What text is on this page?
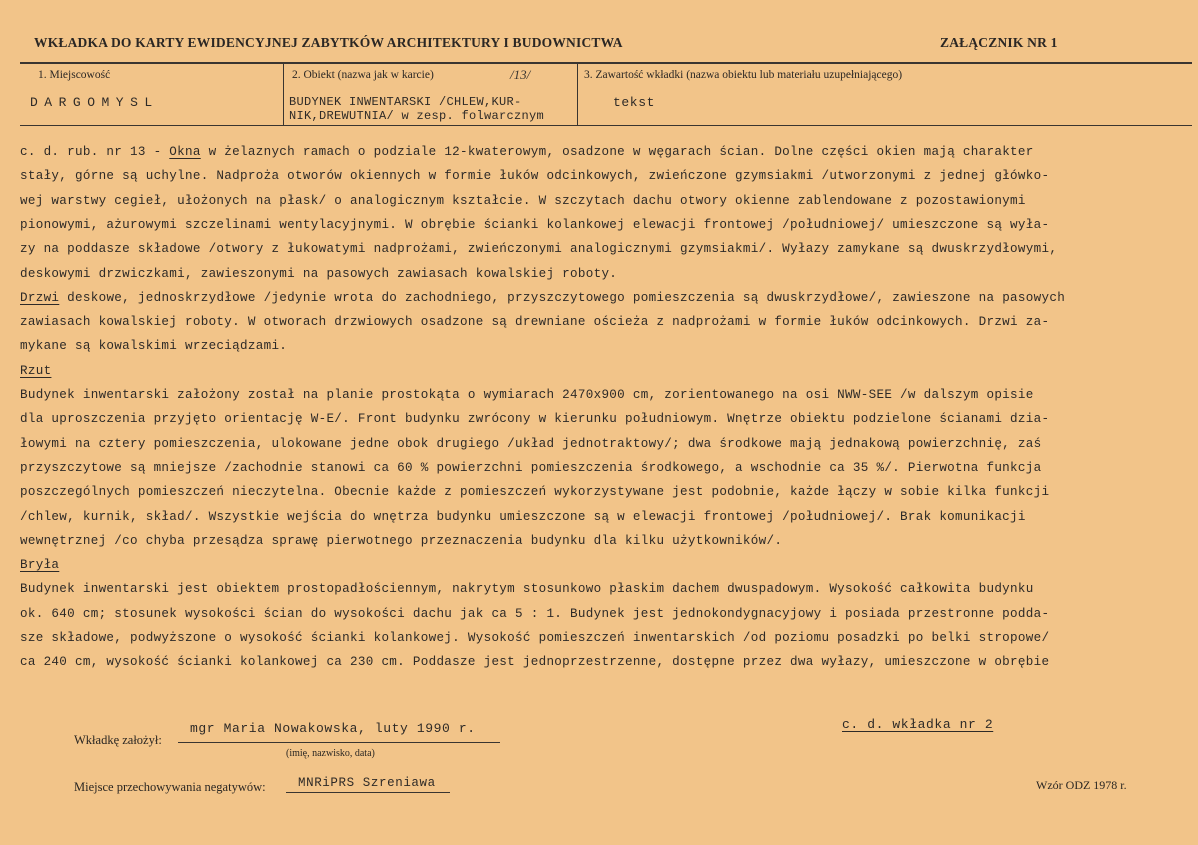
WKŁADKA DO KARTY EWIDENCYJNEJ ZABYTKÓW ARCHITEKTURY I BUDOWNICTWA	ZAŁĄCZNIK NR 1
1. Miejscowość
DARGOMYSL
2. Obiekt (nazwa jak w karcie)	/13/
BUDYNEK INWENTARSKI /CHLEW,KUR-
NIK,DREWUTNIA/ w zesp. folwarcznym
3. Zawartość wkładki (nazwa obiektu lub materiału uzupełniającego)
tekst
c. d. rub. nr 13 - Okna w żelaznych ramach o podziale 12-kwaterowym, osadzone w węgarach ścian. Dolne części okien mają charakter
stały, górne są uchylne. Nadproża otworów okiennych w formie łuków odcinkowych, zwieńczone gzymsiakmi /utworzonymi z jednej główko-
wej warstwy cegieł, ułożonych na płask/ o analogicznym kształcie. W szczytach dachu otwory okienne zablendowane z pozostawionymi
pionowymi, ażurowymi szczelinami wentylacyjnymi. W obrębie ścianki kolankowej elewacji frontowej /południowej/ umieszczone są wyła-
zy na poddasze składowe /otwory z łukowatymi nadprożami, zwieńczonymi analogicznymi gzymsiakmi/. Wyłazy zamykane są dwuskrzydłowymi,
deskowymi drzwiczkami, zawieszonymi na pasowych zawiasach kowalskiej roboty.
Drzwi deskowe, jednoskrzydłowe /jedynie wrota do zachodniego, przyszczytowego pomieszczenia są dwuskrzydłowe/, zawieszone na pasowych
zawiasach kowalskiej roboty. W otworach drzwiowych osadzone są drewniane ościeża z nadprożami w formie łuków odcinkowych. Drzwi za-
mykane są kowalskimi wrzeciądzami.
Rzut
Budynek inwentarski założony został na planie prostokąta o wymiarach 2470x900 cm, zorientowanego na osi NWW-SEE /w dalszym opisie
dla uproszczenia przyjęto orientację W-E/. Front budynku zwrócony w kierunku południowym. Wnętrze obiektu podzielone ścianami dzia-
łowymi na cztery pomieszczenia, ulokowane jedne obok drugiego /układ jednotraktowy/; dwa środkowe mają jednakową powierzchnię, zaś
przyszczytowe są mniejsze /zachodnie stanowi ca 60 % powierzchni pomieszczenia środkowego, a wschodnie ca 35 %/. Pierwotna funkcja
poszczególnych pomieszczeń nieczytelna. Obecnie każde z pomieszczeń wykorzystywane jest podobnie, każde łączy w sobie kilka funkcji
/chlew, kurnik, skład/. Wszystkie wejścia do wnętrza budynku umieszczone są w elewacji frontowej /południowej/. Brak komunikacji
wewnętrznej /co chyba przesądza sprawę pierwotnego przeznaczenia budynku dla kilku użytkowników/.
Bryła
Budynek inwentarski jest obiektem prostopadłościennym, nakrytym stosunkowo płaskim dachem dwuspadowym. Wysokość całkowita budynku
ok. 640 cm; stosunek wysokości ścian do wysokości dachu jak ca 5 : 1. Budynek jest jednokondygnacyjowy i posiada przestronne podda-
sze składowe, podwyższone o wysokość ścianki kolankowej. Wysokość pomieszczeń inwentarskich /od poziomu posadzki po belki stropowe/
ca 240 cm, wysokość ścianki kolankowej ca 230 cm. Poddasze jest jednoprzestrzenne, dostępne przez dwa wyłazy, umieszczone w obrębie
Wkładkę założył:
mgr Maria Nowakowska, luty 1990 r.
(imię, nazwisko, data)
c. d. wkładka nr 2
Miejsce przechowywania negatywów:	MNRiPRS Szreniawa	Wzór ODZ 1978 r.
